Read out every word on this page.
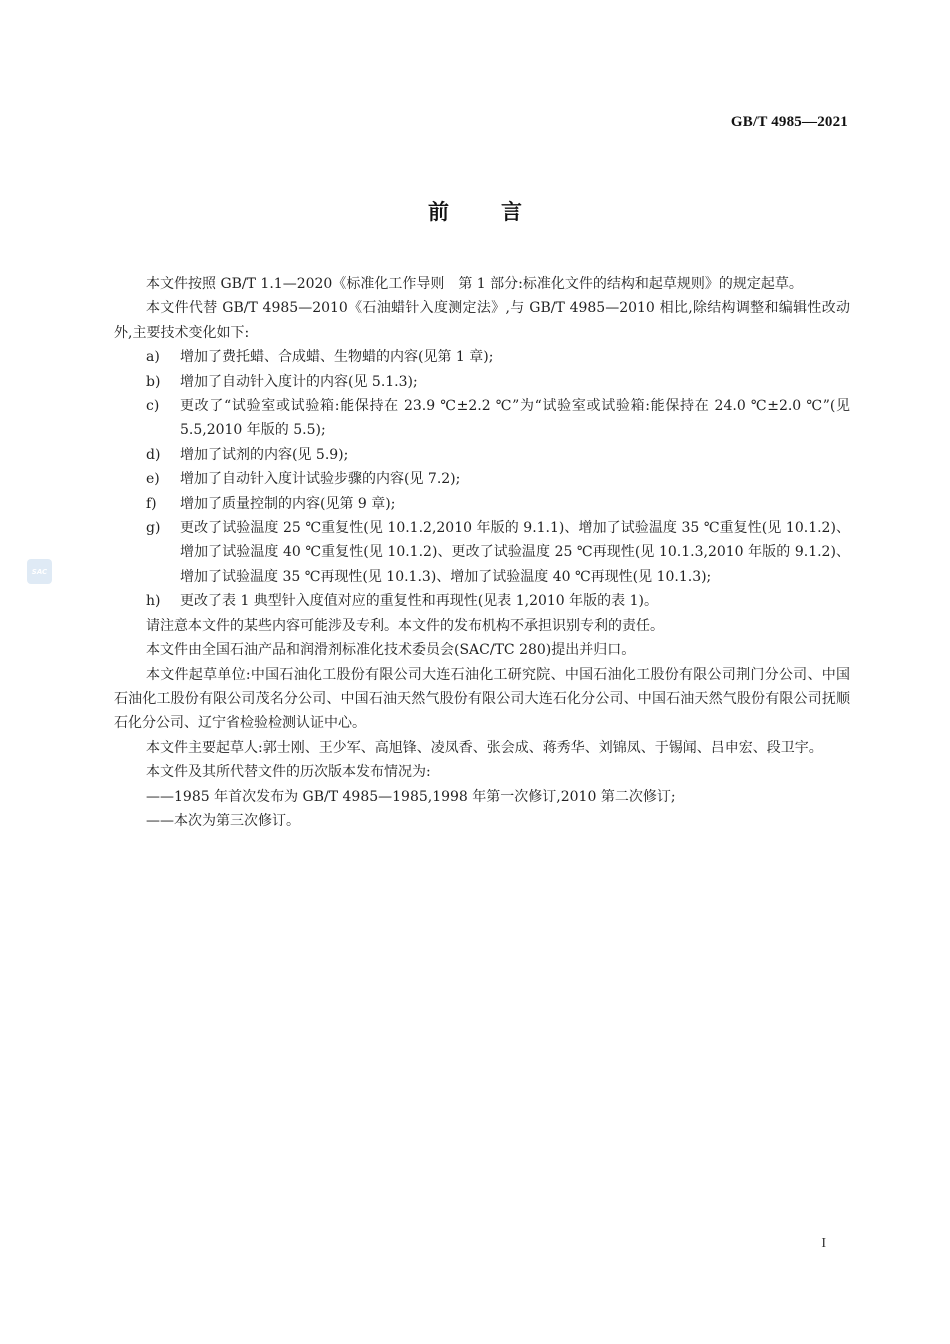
GB/T 4985—2021
前言
SAC

本文件按照 GB/T 1.1—2020《标准化工作导则　第 1 部分:标准化文件的结构和起草规则》的规定起草。

本文件代替 GB/T 4985—2010《石油蜡针入度测定法》,与 GB/T 4985—2010 相比,除结构调整和编辑性改动外,主要技术变化如下:

a)	增加了费托蜡、合成蜡、生物蜡的内容(见第 1 章);
b)	增加了自动针入度计的内容(见 5.1.3);
c)	更改了“试验室或试验箱:能保持在 23.9 ℃±2.2 ℃”为“试验室或试验箱:能保持在 24.0 ℃±2.0 ℃”(见 5.5,2010 年版的 5.5);
d)	增加了试剂的内容(见 5.9);
e)	增加了自动针入度计试验步骤的内容(见 7.2);
f)	增加了质量控制的内容(见第 9 章);
g)	更改了试验温度 25 ℃重复性(见 10.1.2,2010 年版的 9.1.1)、增加了试验温度 35 ℃重复性(见 10.1.2)、增加了试验温度 40 ℃重复性(见 10.1.2)、更改了试验温度 25 ℃再现性(见 10.1.3,2010 年版的 9.1.2)、增加了试验温度 35 ℃再现性(见 10.1.3)、增加了试验温度 40 ℃再现性(见 10.1.3);
h)	更改了表 1 典型针入度值对应的重复性和再现性(见表 1,2010 年版的表 1)。

请注意本文件的某些内容可能涉及专利。本文件的发布机构不承担识别专利的责任。

本文件由全国石油产品和润滑剂标准化技术委员会(SAC/TC 280)提出并归口。

本文件起草单位:中国石油化工股份有限公司大连石油化工研究院、中国石油化工股份有限公司荆门分公司、中国石油化工股份有限公司茂名分公司、中国石油天然气股份有限公司大连石化分公司、中国石油天然气股份有限公司抚顺石化分公司、辽宁省检验检测认证中心。

本文件主要起草人:郭士刚、王少军、高旭锋、凌凤香、张会成、蒋秀华、刘锦凤、于锡闻、吕申宏、段卫宇。

本文件及其所代替文件的历次版本发布情况为:

——1985 年首次发布为 GB/T 4985—1985,1998 年第一次修订,2010 第二次修订;

——本次为第三次修订。

I
